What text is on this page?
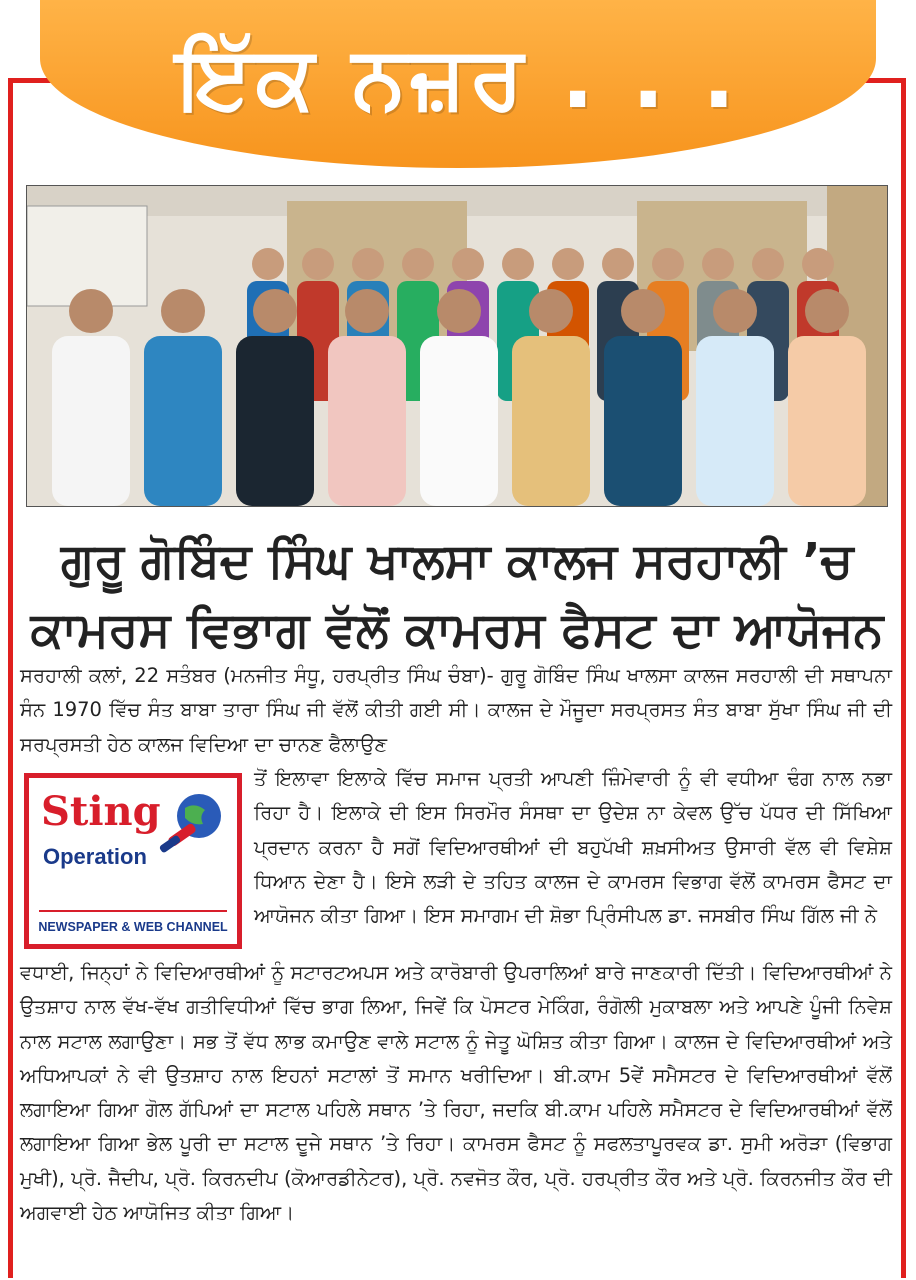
ਇੱਕ ਨਜ਼ਰ . . .
ਗੁਰੂ ਗੋਬਿੰਦ ਸਿੰਘ ਖਾਲਸਾ ਕਾਲਜ ਸਰਹਾਲੀ ’ਚ
ਕਾਮਰਸ ਵਿਭਾਗ ਵੱਲੋਂ ਕਾਮਰਸ ਫੈਸਟ ਦਾ ਆਯੋਜਨ
ਸਰਹਾਲੀ ਕਲਾਂ, 22 ਸਤੰਬਰ (ਮਨਜੀਤ ਸੰਧੂ, ਹਰਪ੍ਰੀਤ ਸਿੰਘ ਚੰਬਾ)- ਗੁਰੂ ਗੋਬਿੰਦ ਸਿੰਘ ਖਾਲਸਾ ਕਾਲਜ ਸਰਹਾਲੀ ਦੀ ਸਥਾਪਨਾ ਸੰਨ 1970 ਵਿੱਚ ਸੰਤ ਬਾਬਾ ਤਾਰਾ ਸਿੰਘ ਜੀ ਵੱਲੋਂ ਕੀਤੀ ਗਈ ਸੀ। ਕਾਲਜ ਦੇ ਮੌਜੂਦਾ ਸਰਪ੍ਰਸਤ ਸੰਤ ਬਾਬਾ ਸੁੱਖਾ ਸਿੰਘ ਜੀ ਦੀ ਸਰਪ੍ਰਸਤੀ ਹੇਠ ਕਾਲਜ ਵਿਦਿਆ ਦਾ ਚਾਨਣ ਫੈਲਾਉਣ
Sting
Operation
NEWSPAPER & WEB CHANNEL
ਤੋਂ ਇਲਾਵਾ ਇਲਾਕੇ ਵਿੱਚ ਸਮਾਜ ਪ੍ਰਤੀ ਆਪਣੀ ਜ਼ਿੰਮੇਵਾਰੀ ਨੂੰ ਵੀ ਵਧੀਆ ਢੰਗ ਨਾਲ ਨਭਾ ਰਿਹਾ ਹੈ। ਇਲਾਕੇ ਦੀ ਇਸ ਸਿਰਮੌਰ ਸੰਸਥਾ ਦਾ ਉਦੇਸ਼ ਨਾ ਕੇਵਲ ਉੱਚ ਪੱਧਰ ਦੀ ਸਿੱਖਿਆ ਪ੍ਰਦਾਨ ਕਰਨਾ ਹੈ ਸਗੋਂ ਵਿਦਿਆਰਥੀਆਂ ਦੀ ਬਹੁਪੱਖੀ ਸ਼ਖ਼ਸੀਅਤ ਉਸਾਰੀ ਵੱਲ ਵੀ ਵਿਸ਼ੇਸ਼ ਧਿਆਨ ਦੇਣਾ ਹੈ। ਇਸੇ ਲੜੀ ਦੇ ਤਹਿਤ ਕਾਲਜ ਦੇ ਕਾਮਰਸ ਵਿਭਾਗ ਵੱਲੋਂ ਕਾਮਰਸ ਫੈਸਟ ਦਾ ਆਯੋਜਨ ਕੀਤਾ ਗਿਆ। ਇਸ ਸਮਾਗਮ ਦੀ ਸ਼ੋਭਾ ਪ੍ਰਿੰਸੀਪਲ ਡਾ. ਜਸਬੀਰ ਸਿੰਘ ਗਿੱਲ ਜੀ ਨੇ
ਵਧਾਈ, ਜਿਨ੍ਹਾਂ ਨੇ ਵਿਦਿਆਰਥੀਆਂ ਨੂੰ ਸਟਾਰਟਅਪਸ ਅਤੇ ਕਾਰੋਬਾਰੀ ਉਪਰਾਲਿਆਂ ਬਾਰੇ ਜਾਣਕਾਰੀ ਦਿੱਤੀ। ਵਿਦਿਆਰਥੀਆਂ ਨੇ ਉਤਸ਼ਾਹ ਨਾਲ ਵੱਖ-ਵੱਖ ਗਤੀਵਿਧੀਆਂ ਵਿੱਚ ਭਾਗ ਲਿਆ, ਜਿਵੇਂ ਕਿ ਪੋਸਟਰ ਮੇਕਿੰਗ, ਰੰਗੋਲੀ ਮੁਕਾਬਲਾ ਅਤੇ ਆਪਣੇ ਪੂੰਜੀ ਨਿਵੇਸ਼ ਨਾਲ ਸਟਾਲ ਲਗਾਉਣਾ। ਸਭ ਤੋਂ ਵੱਧ ਲਾਭ ਕਮਾਉਣ ਵਾਲੇ ਸਟਾਲ ਨੂੰ ਜੇਤੂ ਘੋਸ਼ਿਤ ਕੀਤਾ ਗਿਆ। ਕਾਲਜ ਦੇ ਵਿਦਿਆਰਥੀਆਂ ਅਤੇ ਅਧਿਆਪਕਾਂ ਨੇ ਵੀ ਉਤਸ਼ਾਹ ਨਾਲ ਇਹਨਾਂ ਸਟਾਲਾਂ ਤੋਂ ਸਮਾਨ ਖਰੀਦਿਆ। ਬੀ.ਕਾਮ 5ਵੇਂ ਸਮੈਸਟਰ ਦੇ ਵਿਦਿਆਰਥੀਆਂ ਵੱਲੋਂ ਲਗਾਇਆ ਗਿਆ ਗੋਲ ਗੱਪਿਆਂ ਦਾ ਸਟਾਲ ਪਹਿਲੇ ਸਥਾਨ ’ਤੇ ਰਿਹਾ, ਜਦਕਿ ਬੀ.ਕਾਮ ਪਹਿਲੇ ਸਮੈਸਟਰ ਦੇ ਵਿਦਿਆਰਥੀਆਂ ਵੱਲੋਂ ਲਗਾਇਆ ਗਿਆ ਭੇਲ ਪੂਰੀ ਦਾ ਸਟਾਲ ਦੂਜੇ ਸਥਾਨ ’ਤੇ ਰਿਹਾ। ਕਾਮਰਸ ਫੈਸਟ ਨੂੰ ਸਫਲਤਾਪੂਰਵਕ ਡਾ. ਸੁਮੀ ਅਰੋੜਾ (ਵਿਭਾਗ ਮੁਖੀ), ਪ੍ਰੋ. ਜੈਦੀਪ, ਪ੍ਰੋ. ਕਿਰਨਦੀਪ (ਕੋਆਰਡੀਨੇਟਰ), ਪ੍ਰੋ. ਨਵਜੋਤ ਕੌਰ, ਪ੍ਰੋ. ਹਰਪ੍ਰੀਤ ਕੌਰ ਅਤੇ ਪ੍ਰੋ. ਕਿਰਨਜੀਤ ਕੌਰ ਦੀ ਅਗਵਾਈ ਹੇਠ ਆਯੋਜਿਤ ਕੀਤਾ ਗਿਆ।
